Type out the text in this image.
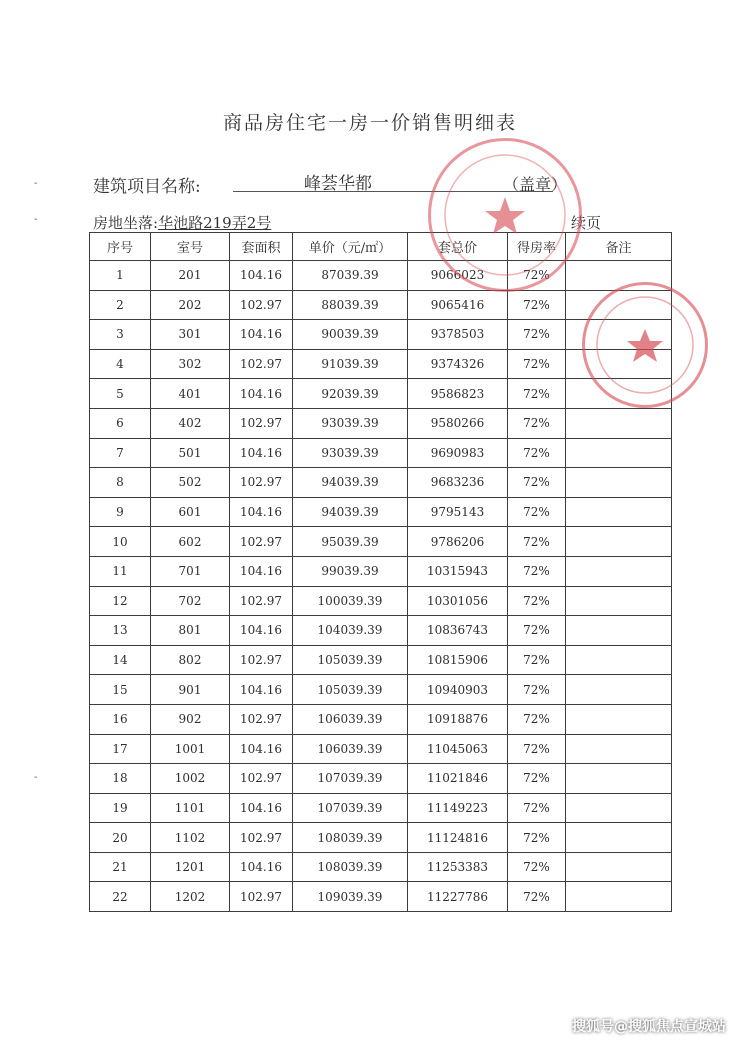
商品房住宅一房一价销售明细表
建筑项目名称:	峰荟华都	（盖章）
房地坐落:华池路219弄2号	续页
-
-
-
序号	室号	套面积	单价（元/㎡）	套总价	得房率	备注
1	201	104.16	87039.39	9066023	72%	
2	202	102.97	88039.39	9065416	72%	
3	301	104.16	90039.39	9378503	72%	
4	302	102.97	91039.39	9374326	72%	
5	401	104.16	92039.39	9586823	72%	
6	402	102.97	93039.39	9580266	72%	
7	501	104.16	93039.39	9690983	72%	
8	502	102.97	94039.39	9683236	72%	
9	601	104.16	94039.39	9795143	72%	
10	602	102.97	95039.39	9786206	72%	
11	701	104.16	99039.39	10315943	72%	
12	702	102.97	100039.39	10301056	72%	
13	801	104.16	104039.39	10836743	72%	
14	802	102.97	105039.39	10815906	72%	
15	901	104.16	105039.39	10940903	72%	
16	902	102.97	106039.39	10918876	72%	
17	1001	104.16	106039.39	11045063	72%	
18	1002	102.97	107039.39	11021846	72%	
19	1101	104.16	107039.39	11149223	72%	
20	1102	102.97	108039.39	11124816	72%	
21	1201	104.16	108039.39	11253383	72%	
22	1202	102.97	109039.39	11227786	72%	
搜狐号@搜狐焦点宣城站
